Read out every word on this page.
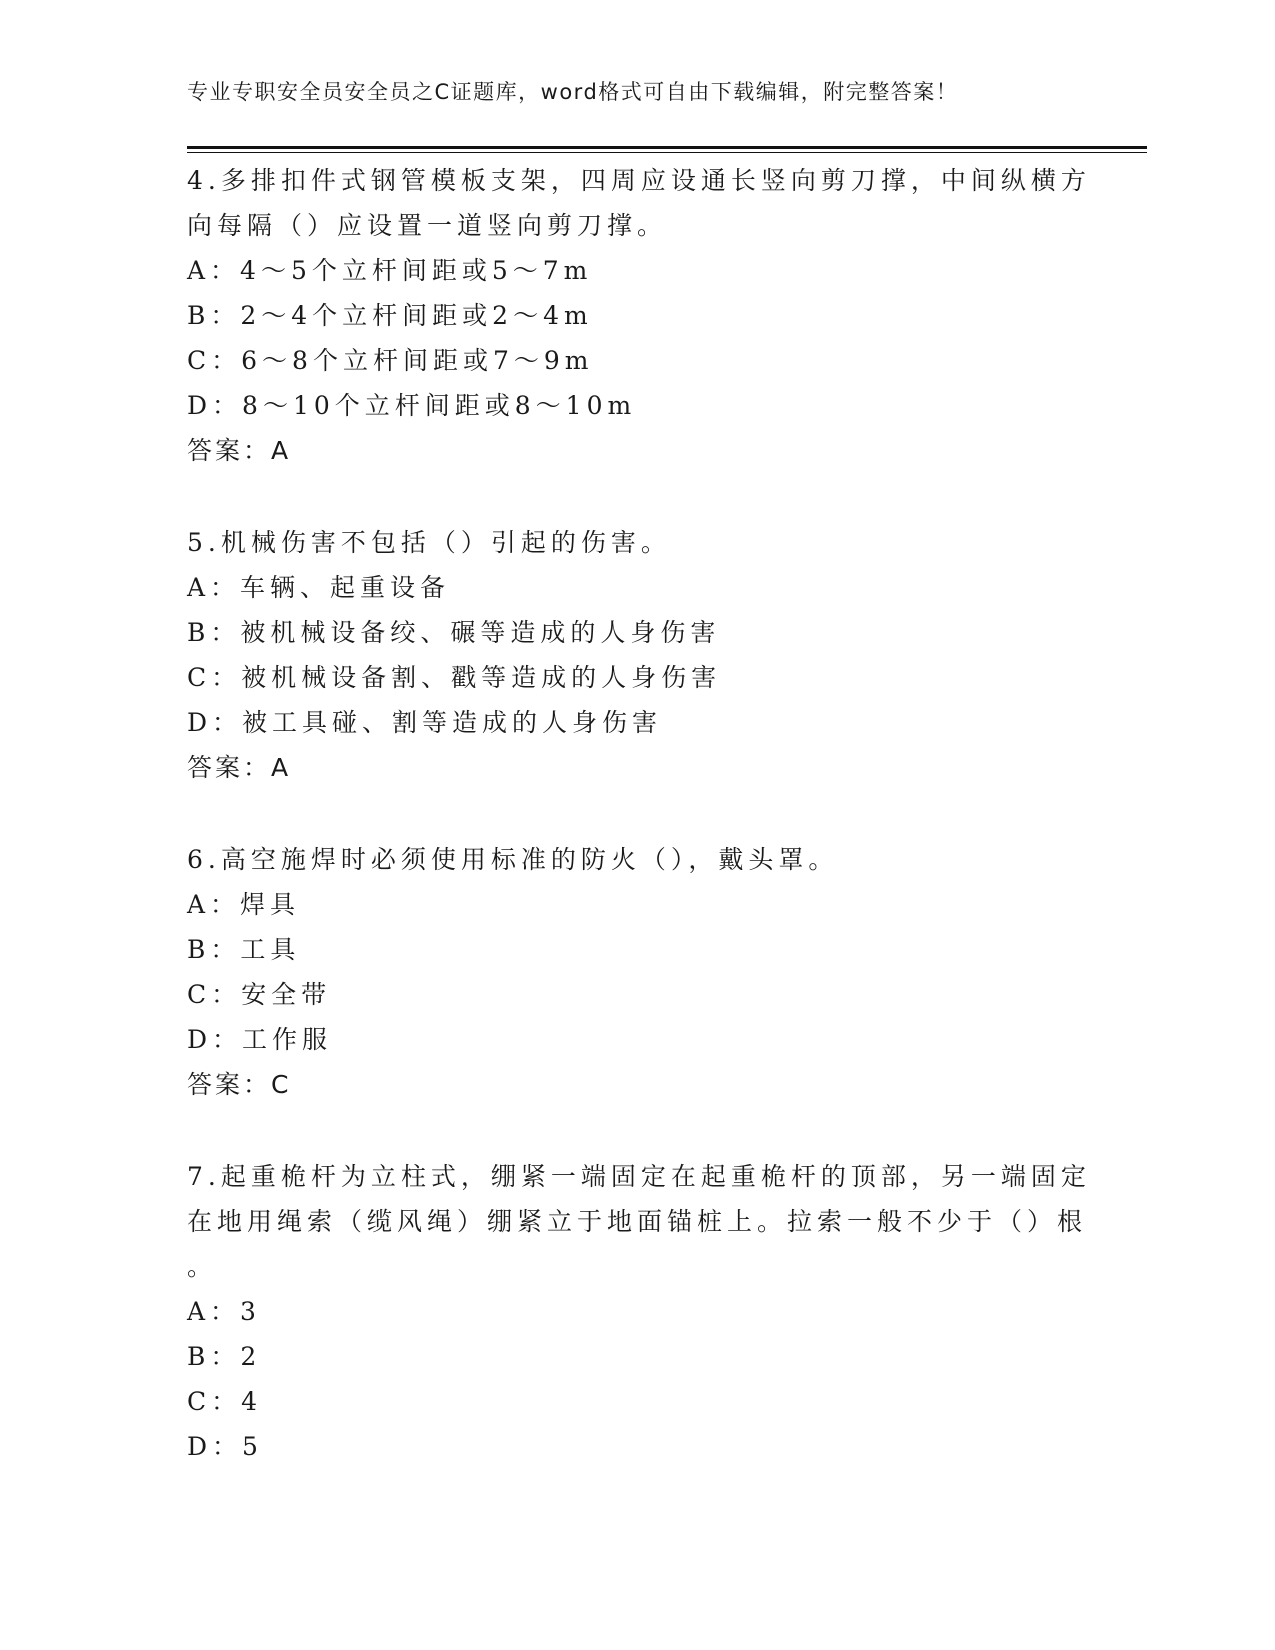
专业专职安全员安全员之C证题库，word格式可自由下载编辑，附完整答案！
4.多排扣件式钢管模板支架，四周应设通长竖向剪刀撑，中间纵横方
向每隔（）应设置一道竖向剪刀撑。
A：4～5个立杆间距或5～7m
B：2～4个立杆间距或2～4m
C：6～8个立杆间距或7～9m
D：8～10个立杆间距或8～10m
答案：A
5.机械伤害不包括（）引起的伤害。
A：车辆、起重设备
B：被机械设备绞、碾等造成的人身伤害
C：被机械设备割、戳等造成的人身伤害
D：被工具碰、割等造成的人身伤害
答案：A
6.高空施焊时必须使用标准的防火（），戴头罩。
A：焊具
B：工具
C：安全带
D：工作服
答案：C
7.起重桅杆为立柱式，绷紧一端固定在起重桅杆的顶部，另一端固定
在地用绳索（缆风绳）绷紧立于地面锚桩上。拉索一般不少于（）根
。
A：3
B：2
C：4
D：5
